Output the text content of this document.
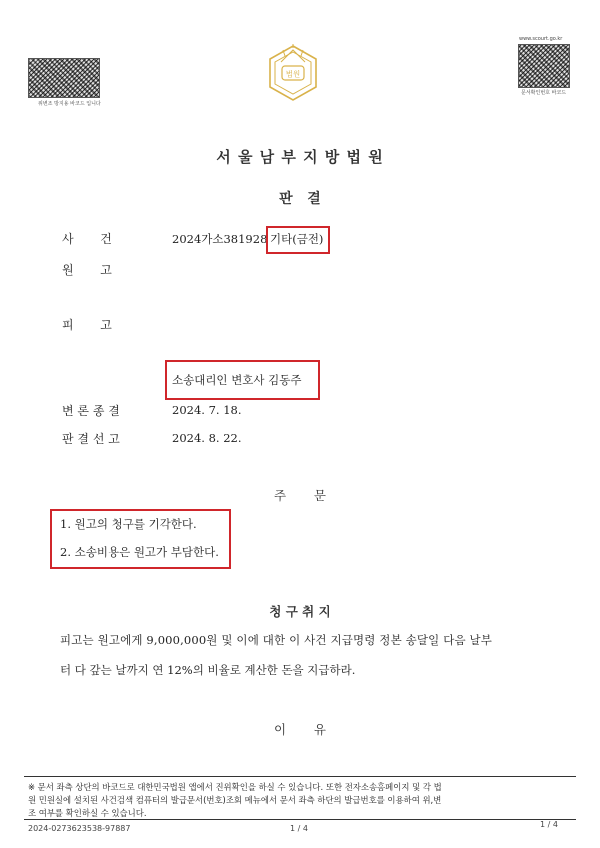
위변조 방지용 바코드 입니다
www.scourt.go.kr
문서확인번호 바코드
법원
서 울 남 부 지 방 법 원
판   결
사       건	2024가소381928 기타(금전)
원       고
피       고
소송대리인 변호사 김동주
변 론 종 결	2024. 7. 18.
판 결 선 고	2024. 8. 22.
주       문
1. 원고의 청구를 기각한다.
2. 소송비용은 원고가 부담한다.
청 구 취 지
피고는 원고에게 9,000,000원 및 이에 대한 이 사건 지급명령 정본 송달일 다음 날부
터 다 갚는 날까지 연 12%의 비율로 계산한 돈을 지급하라.
이       유
※ 문서 좌측 상단의 바코드로 대한민국법원 앱에서 진위확인을 하실 수 있습니다. 또한 전자소송홈페이지 및 각 법
원 민원실에 설치된 사건검색 컴퓨터의 발급문서(번호)조회 메뉴에서 문서 좌측 하단의 발급번호를 이용하여 위,변
조 여부를 확인하실 수 있습니다.
2024-0273623538-97887	1 / 4	1 / 4
